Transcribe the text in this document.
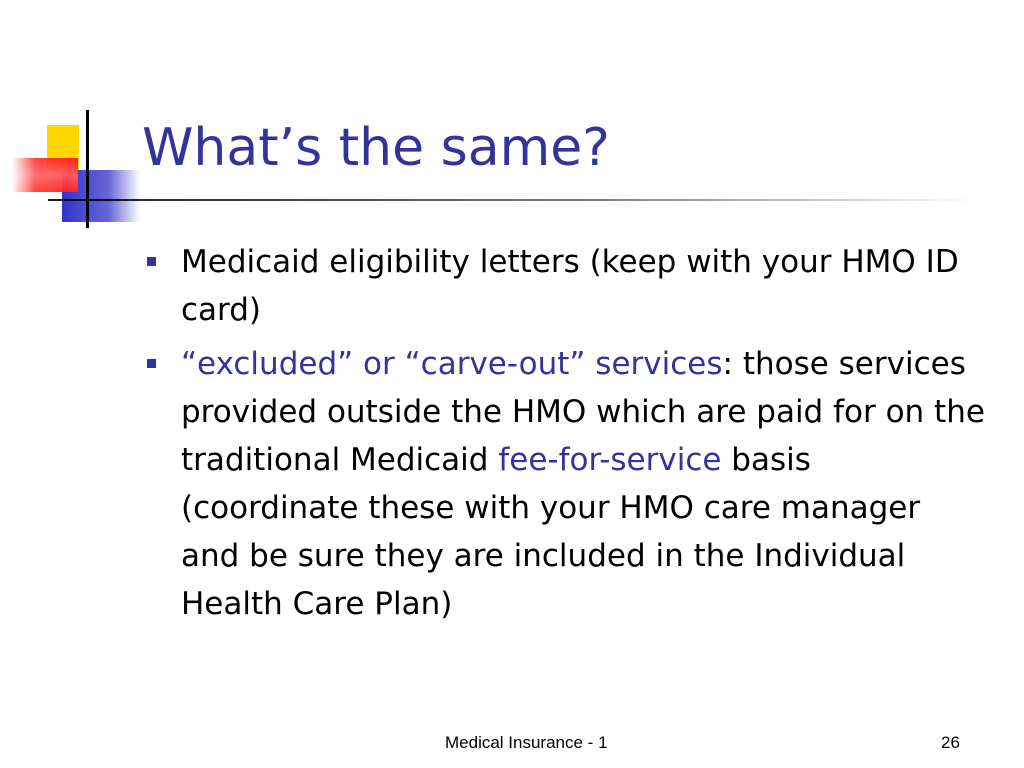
What’s the same?
Medicaid eligibility letters (keep with your HMO ID card)
“excluded” or “carve-out” services: those services provided outside the HMO which are paid for on the traditional Medicaid fee-for-service basis (coordinate these with your HMO care manager and be sure they are included in the Individual Health Care Plan)
Medical Insurance - 1	26
